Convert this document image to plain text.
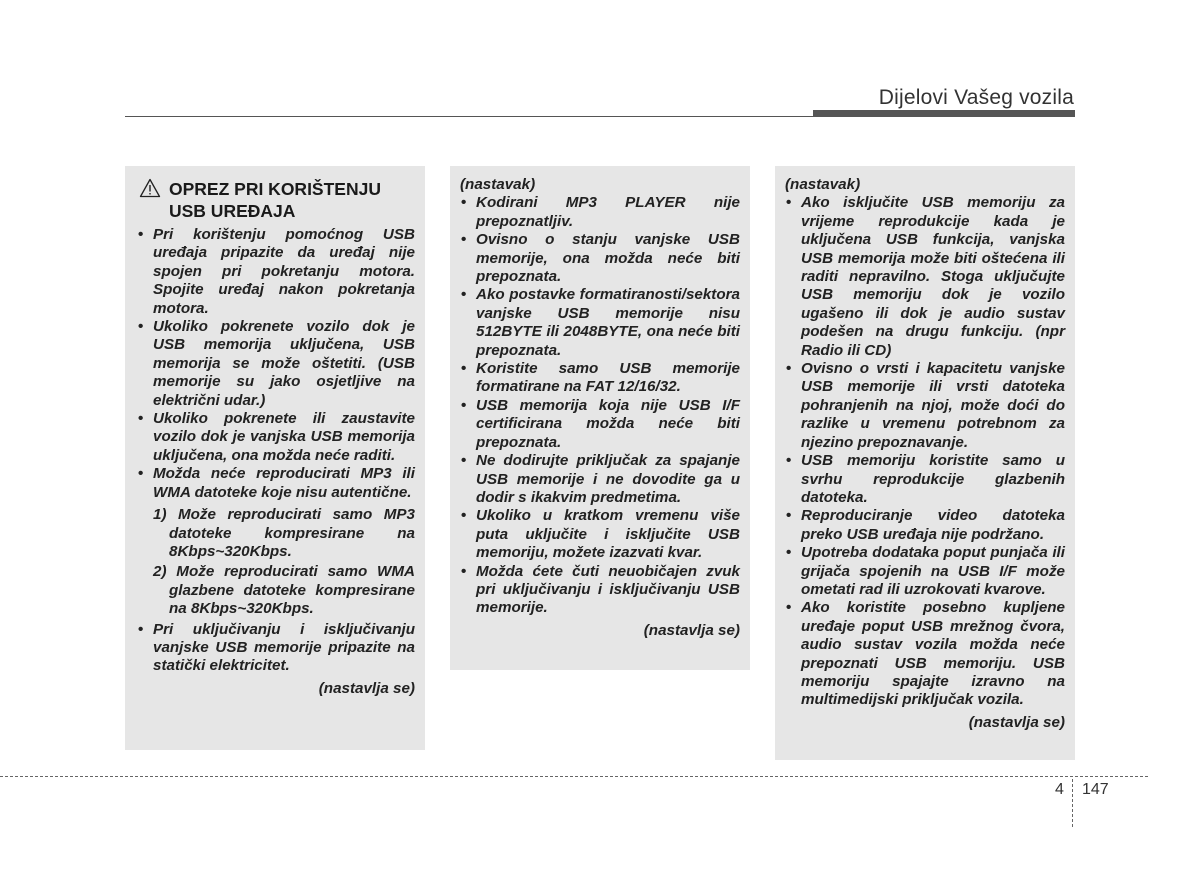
Dijelovi Vašeg vozila
OPREZ PRI KORIŠTENJU USB UREĐAJA
• Pri korištenju pomoćnog USB uređaja pripazite da uređaj nije spojen pri pokretanju motora. Spojite uređaj nakon pokretanja motora.
• Ukoliko pokrenete vozilo dok je USB memorija uključena, USB memorija se može oštetiti. (USB memorije su jako osjetljive na električni udar.)
• Ukoliko pokrenete ili zaustavite vozilo dok je vanjska USB memorija uključena, ona možda neće raditi.
• Možda neće reproducirati MP3 ili WMA datoteke koje nisu autentične.
1) Može reproducirati samo MP3 datoteke kompresirane na 8Kbps~320Kbps.
2) Može reproducirati samo WMA glazbene datoteke kompresirane na 8Kbps~320Kbps.
• Pri uključivanju i isključivanju vanjske USB memorije pripazite na statički elektricitet.
(nastavlja se)
(nastavak)
• Kodirani MP3 PLAYER nije prepoznatljiv.
• Ovisno o stanju vanjske USB memorije, ona možda neće biti prepoznata.
• Ako postavke formatiranosti/sektora vanjske USB memorije nisu 512BYTE ili 2048BYTE, ona neće biti prepoznata.
• Koristite samo USB memorije formatirane na FAT 12/16/32.
• USB memorija koja nije USB I/F certificirana možda neće biti prepoznata.
• Ne dodirujte priključak za spajanje USB memorije i ne dovodite ga u dodir s ikakvim predmetima.
• Ukoliko u kratkom vremenu više puta uključite i isključite USB memoriju, možete izazvati kvar.
• Možda ćete čuti neuobičajen zvuk pri uključivanju i isključivanju USB memorije.
(nastavlja se)
(nastavak)
• Ako isključite USB memoriju za vrijeme reprodukcije kada je uključena USB funkcija, vanjska USB memorija može biti oštećena ili raditi nepravilno. Stoga uključujte USB memoriju dok je vozilo ugašeno ili dok je audio sustav podešen na drugu funkciju. (npr Radio ili CD)
• Ovisno o vrsti i kapacitetu vanjske USB memorije ili vrsti datoteka pohranjenih na njoj, može doći do razlike u vremenu potrebnom za njezino prepoznavanje.
• USB memoriju koristite samo u svrhu reprodukcije glazbenih datoteka.
• Reproduciranje video datoteka preko USB uređaja nije podržano.
• Upotreba dodataka poput punjača ili grijača spojenih na USB I/F može ometati rad ili uzrokovati kvarove.
• Ako koristite posebno kupljene uređaje poput USB mrežnog čvora, audio sustav vozila možda neće prepoznati USB memoriju. USB memoriju spajajte izravno na multimedijski priključak vozila.
(nastavlja se)
4 147
